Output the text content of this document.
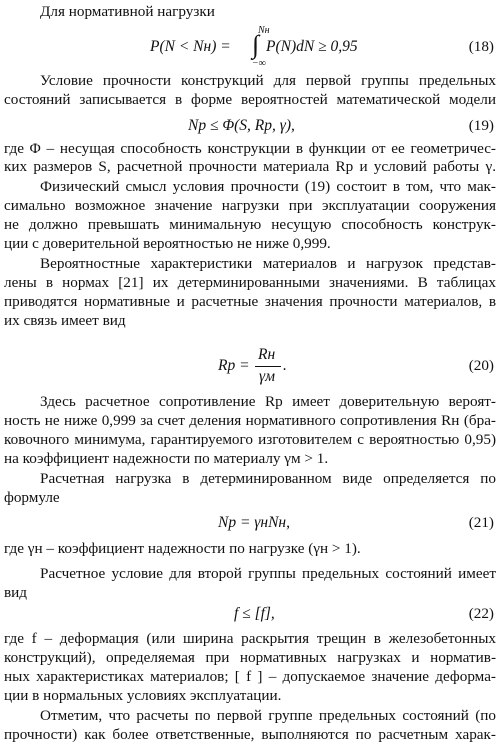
Для нормативной нагрузки
P(N < Nн) =
Nн
∫
−∞
P(N)dN ≥ 0,95	(18)
Условие прочности конструкций для первой группы предельных
состояний записывается в форме вероятностей математической модели
Nр ≤ Φ(S, Rр, γ),	(19)
где Φ – несущая способность конструкции в функции от ее геометричес-
ких размеров S, расчетной прочности материала Rр и условий работы γ.
Физический смысл условия прочности (19) состоит в том, что мак-
симально возможное значение нагрузки при эксплуатации сооружения
не должно превышать минимальную несущую способность конструк-
ции с доверительной вероятностью не ниже 0,999.
Вероятностные характеристики материалов и нагрузок представ-
лены в нормах [21] их детерминированными значениями. В таблицах
приводятся нормативные и расчетные значения прочности материалов, в
их связь имеет вид
Rр =
Rн
γм
.	(20)
Здесь расчетное сопротивление Rр имеет доверительную вероят-
ность не ниже 0,999 за счет деления нормативного сопротивления Rн (бра-
ковочного минимума, гарантируемого изготовителем с вероятностью 0,95)
на коэффициент надежности по материалу γм > 1.
Расчетная нагрузка в детерминированном виде определяется по
формуле
Nр = γнNн,	(21)
где γн – коэффициент надежности по нагрузке (γн > 1).
Расчетное условие для второй группы предельных состояний имеет
вид
f ≤ [f],	(22)
где f – деформация (или ширина раскрытия трещин в железобетонных
конструкций), определяемая при нормативных нагрузках и норматив-
ных характеристиках материалов; [ f ] – допускаемое значение деформа-
ции в нормальных условиях эксплуатации.
Отметим, что расчеты по первой группе предельных состояний (по
прочности) как более ответственные, выполняются по расчетным харак-
